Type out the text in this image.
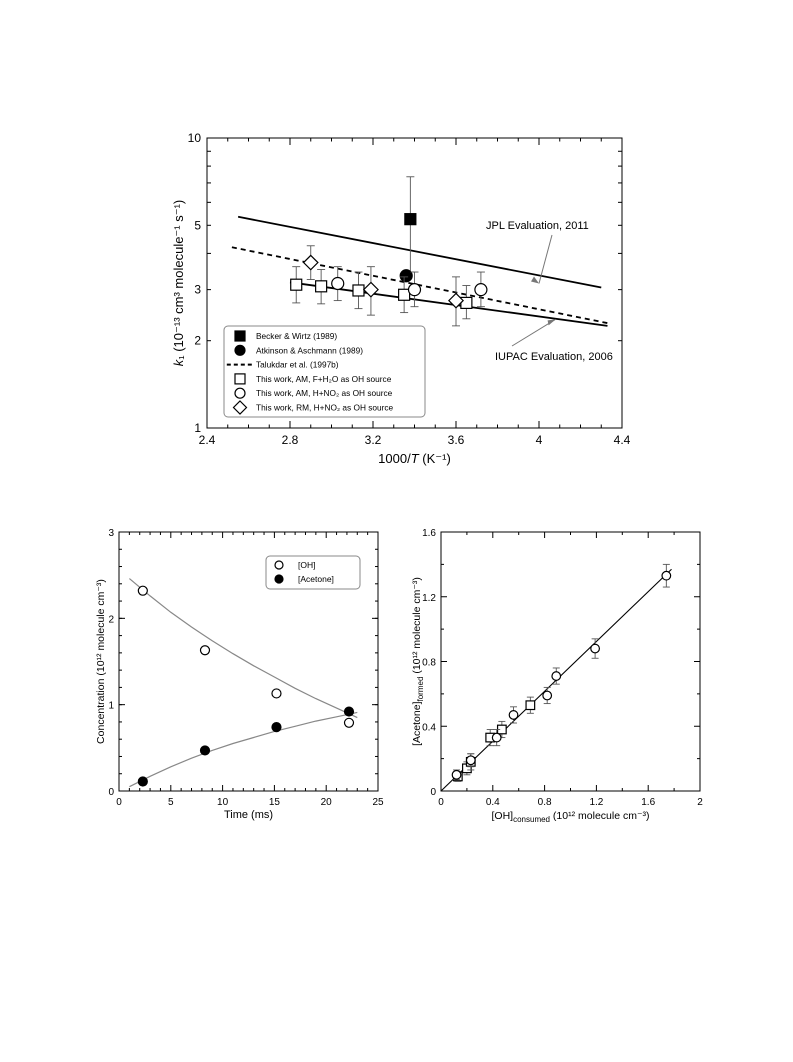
2.4	2.8	3.2	3.6	4	4.4
1
2
3
5
10
1000/T (K⁻¹)
k₁ (10⁻¹³ cm³ molecule⁻¹ s⁻¹)	JPL Evaluation, 2011
IUPAC Evaluation, 2006
Becker & Wirtz (1989)
Atkinson & Aschmann (1989)
Talukdar et al. (1997b)
This work, AM, F+H₂O as OH source
This work, AM, H+NO₂ as OH source
This work, RM, H+NO₂ as OH source
0	5	10	15	20	25
0
1
2
3
Time (ms)
Concentration (10¹² molecule cm⁻³)
[OH]
[Acetone]
0	0.4	0.8	1.2	1.6	2
0
0.4
0.8
1.2
1.6
$[OH]_{consumed}$ (10¹² molecule cm⁻³)
$[Acetone]_{formed}$ (10¹² molecule cm⁻³)
